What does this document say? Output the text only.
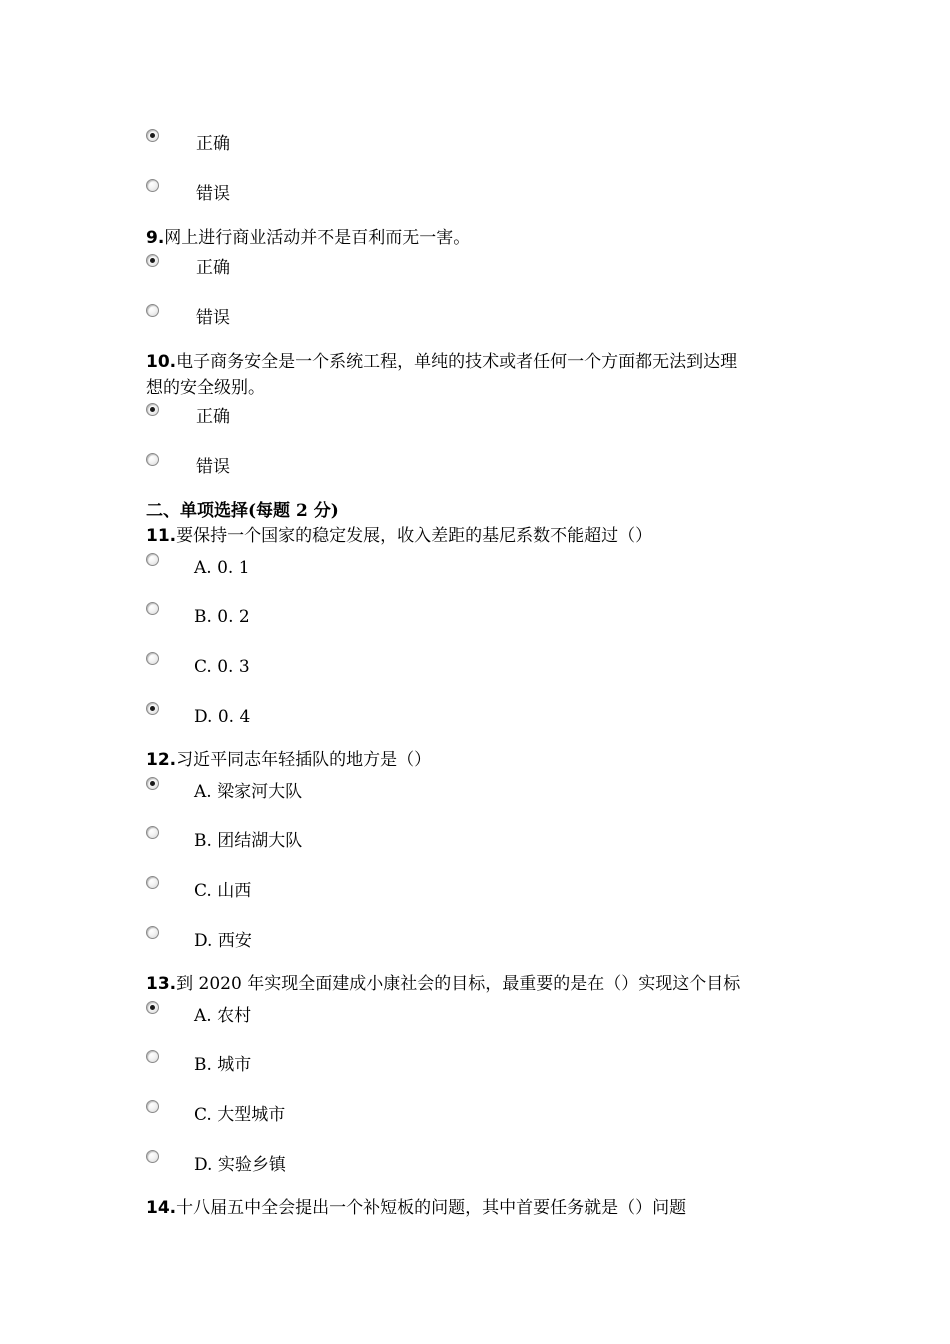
正确
错误
9.网上进行商业活动并不是百利而无一害。
正确
错误
10.电子商务安全是一个系统工程，单纯的技术或者任何一个方面都无法到达理
想的安全级别。
正确
错误
二、单项选择(每题 2 分)
11.要保持一个国家的稳定发展，收入差距的基尼系数不能超过（）
A. 0. 1
B. 0. 2
C. 0. 3
D. 0. 4
12.习近平同志年轻插队的地方是（）
A. 梁家河大队
B. 团结湖大队
C. 山西
D. 西安
13.到 2020 年实现全面建成小康社会的目标，最重要的是在（）实现这个目标
A. 农村
B. 城市
C. 大型城市
D. 实验乡镇
14.十八届五中全会提出一个补短板的问题，其中首要任务就是（）问题
